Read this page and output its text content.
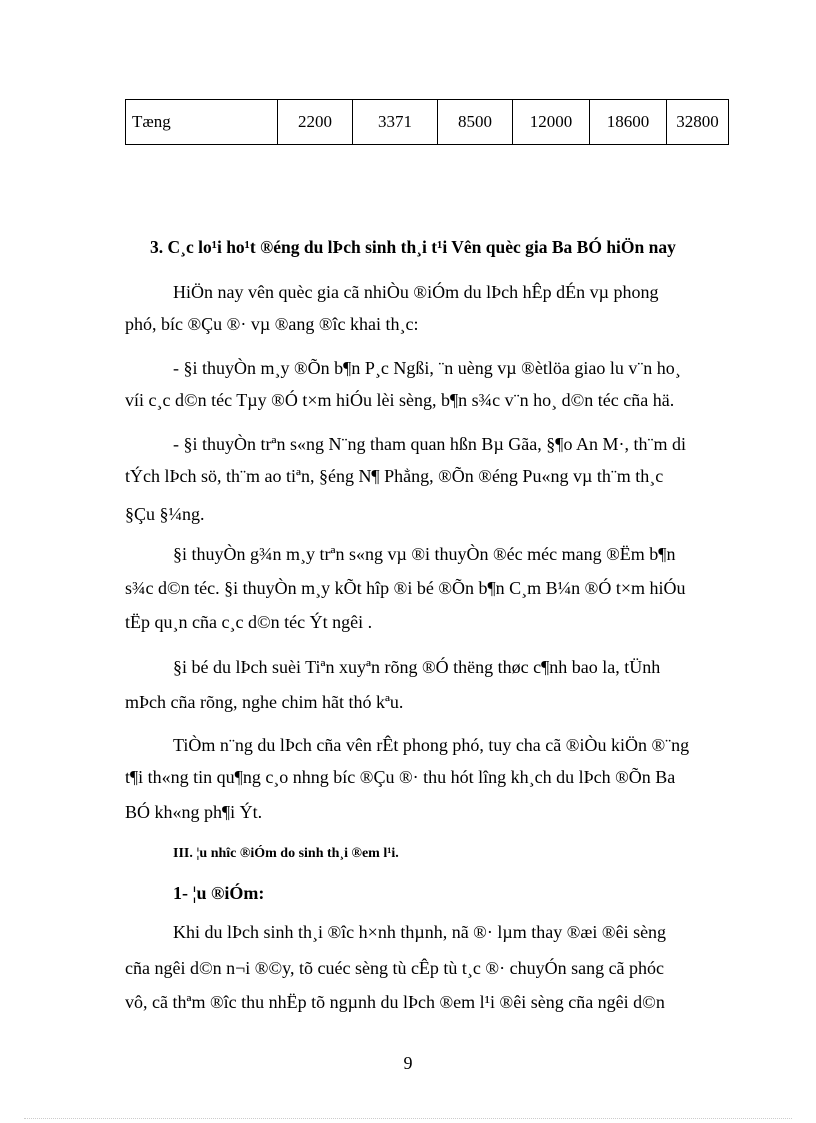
Tæng	2200	3371	8500	12000	18600	32800
3. C¸c lo¹i ho¹t ®éng du lÞch sinh th¸i t¹i Vên quèc gia Ba BÓ hiÖn nay
HiÖn nay vên quèc gia cã nhiÒu ®iÓm du lÞch hÊp dÉn vµ phong
phó, bíc ®Çu ®· vµ ®ang ®îc khai th¸c:
- §i thuyÒn m¸y ®Õn b¶n P¸c Ngßi, ¨n uèng vµ ®ètlöa giao lu v¨n ho¸
víi c¸c d©n téc Tµy ®Ó t×m hiÓu lèi sèng, b¶n s¾c v¨n ho¸ d©n téc cña hä.
- §i thuyÒn trªn s«ng N¨ng tham quan hßn Bµ Gãa, §¶o An M·, th¨m di
tÝch lÞch sö, th¨m ao tiªn, §éng N¶ Phẳng, ®Õn ®éng Pu«ng vµ th¨m th¸c
§Çu §¼ng.
§i thuyÒn g¾n m¸y trªn s«ng vµ ®i thuyÒn ®éc méc mang ®Ëm b¶n
s¾c d©n téc. §i thuyÒn m¸y kÕt hîp ®i bé ®Õn b¶n C¸m B¼n ®Ó t×m hiÓu
tËp qu¸n cña c¸c d©n téc Ýt ngêi .
§i bé du lÞch suèi Tiªn xuyªn rõng ®Ó thëng thøc c¶nh bao la, tÜnh
mÞch cña rõng, nghe chim hãt thó kªu.
TiÒm n¨ng du lÞch cña vên rÊt phong phó, tuy cha cã ®iÒu kiÖn ®¨ng
t¶i th«ng tin qu¶ng c¸o nhng bíc ®Çu ®· thu hót lîng kh¸ch du lÞch ®Õn Ba
BÓ kh«ng ph¶i Ýt.
III. ¦u nhîc ®iÓm do sinh th¸i ®em l¹i.
1- ¦u ®iÓm:
Khi du lÞch sinh th¸i ®îc h×nh thµnh, nã ®· lµm thay ®æi ®êi sèng
cña ngêi d©n n¬i ®©y, tõ cuéc sèng tù cÊp tù t¸c ®· chuyÓn sang cã phóc
vô, cã thªm ®îc thu nhËp tõ ngµnh du lÞch ®em l¹i ®êi sèng cña ngêi d©n
9
